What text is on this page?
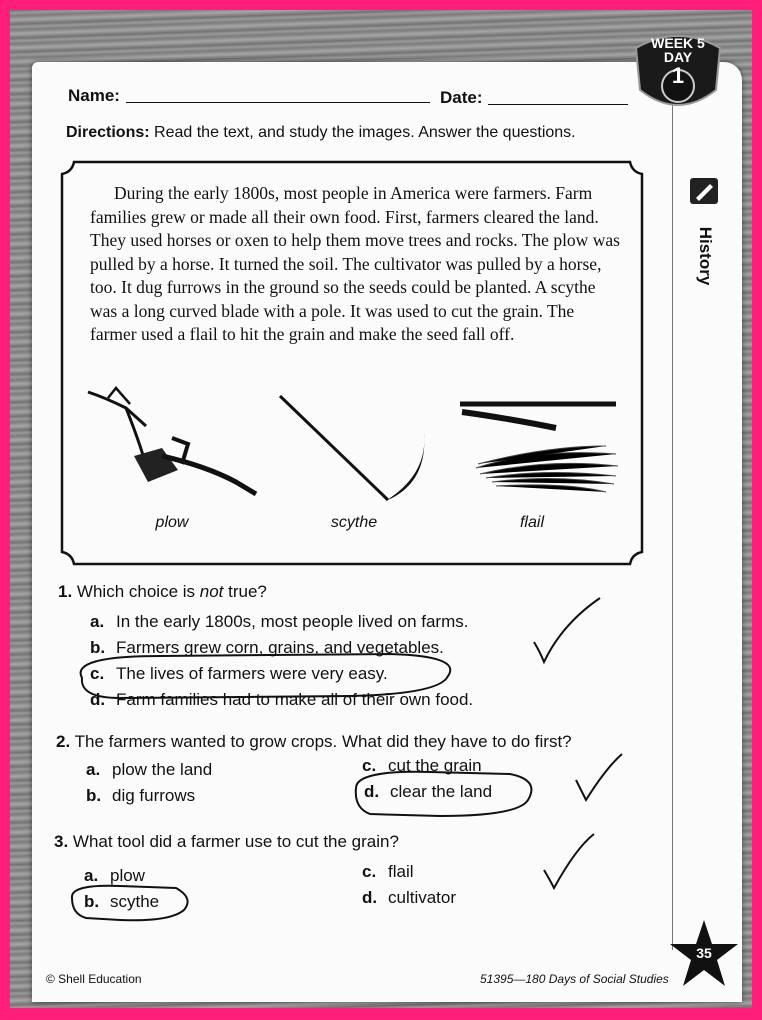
WEEK 5
DAY
1
Name:	Date:
Directions: Read the text, and study the images. Answer the questions.
History
During the early 1800s, most people in America were farmers. Farm families grew or made all their own food. First, farmers cleared the land. They used horses or oxen to help them move trees and rocks. The plow was pulled by a horse. It turned the soil. The cultivator was pulled by a horse, too. It dug furrows in the ground so the seeds could be planted. A scythe was a long curved blade with a pole. It was used to cut the grain. The farmer used a flail to hit the grain and make the seed fall off.
plow	scythe	flail
1. Which choice is not true?
a. In the early 1800s, most people lived on farms.
b. Farmers grew corn, grains, and vegetables.
c. The lives of farmers were very easy.
d. Farm families had to make all of their own food.
2. The farmers wanted to grow crops. What did they have to do first?
a. plow the land
b. dig furrows
c. cut the grain
d. clear the land
3. What tool did a farmer use to cut the grain?
a. plow
b. scythe
c. flail
d. cultivator
© Shell Education	51395—180 Days of Social Studies
35
